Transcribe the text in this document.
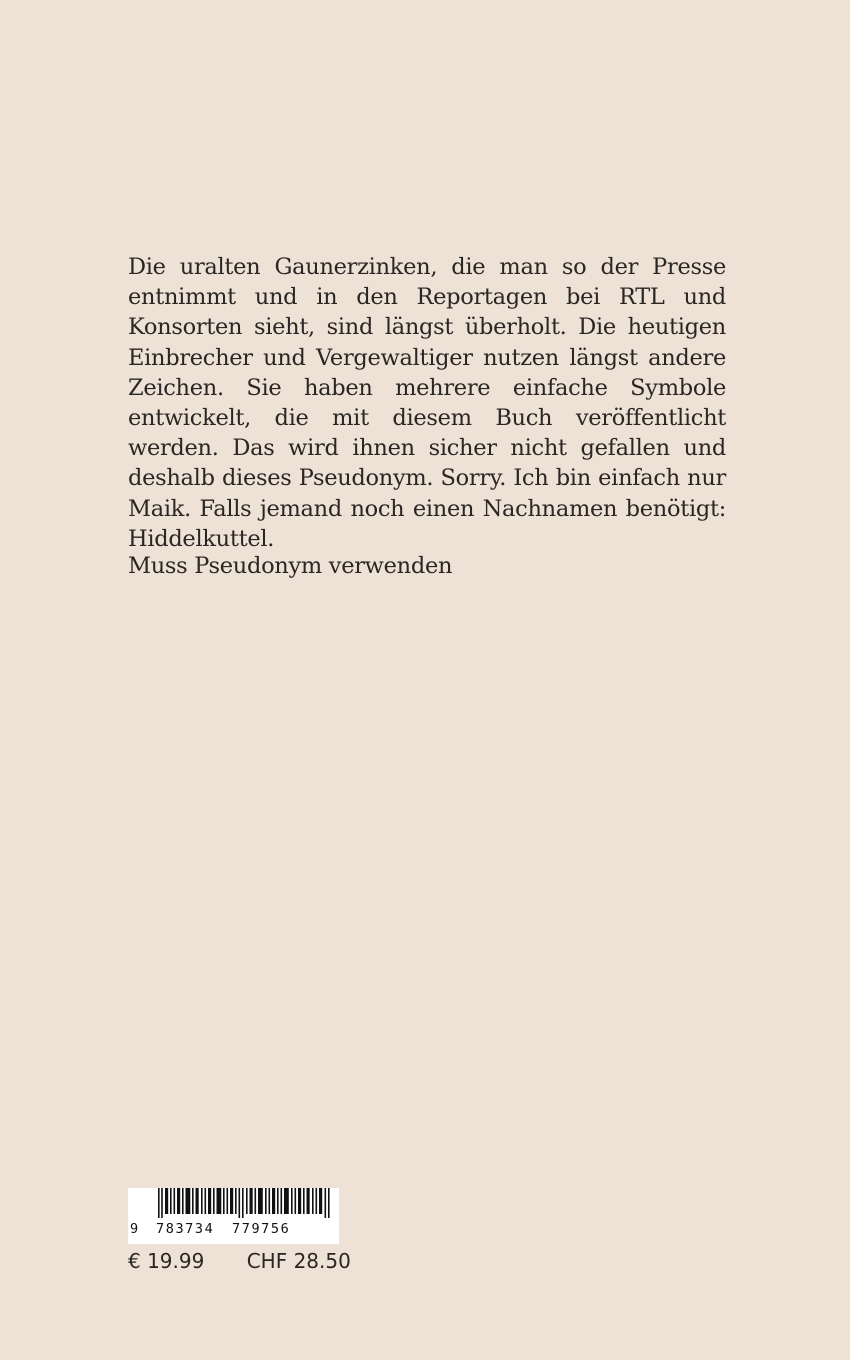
Die uralten Gaunerzinken, die man so der Presse entnimmt und in den Reportagen bei RTL und Konsorten sieht, sind längst überholt. Die heutigen Einbrecher und Vergewaltiger nutzen längst andere Zeichen. Sie haben mehrere einfache Symbole entwickelt, die mit diesem Buch veröffentlicht werden. Das wird ihnen sicher nicht gefallen und deshalb dieses Pseudonym. Sorry. Ich bin einfach nur Maik. Falls jemand noch einen Nachnamen benötigt: Hiddelkuttel.

Muss Pseudonym verwenden

9 783734 779756
€ 19.99 CHF 28.50
